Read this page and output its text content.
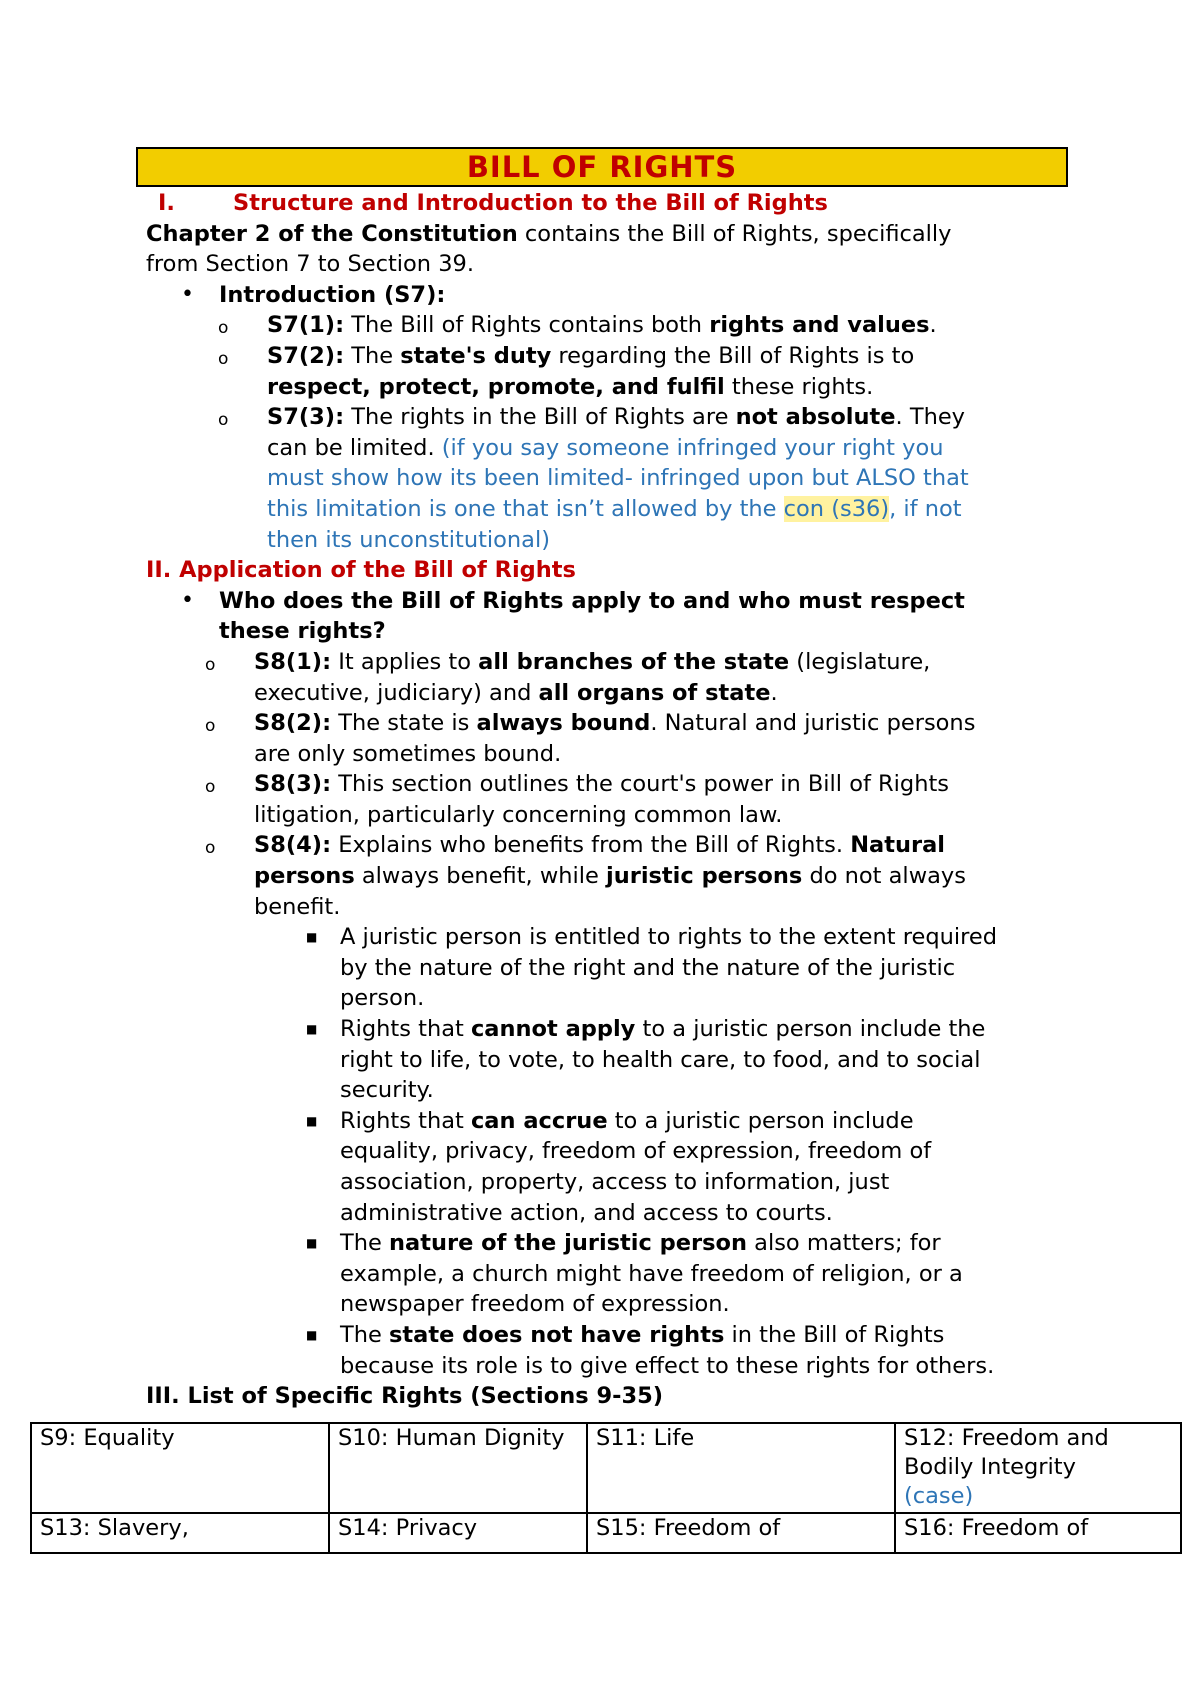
BILL OF RIGHTS
I.	Structure and Introduction to the Bill of Rights
Chapter 2 of the Constitution contains the Bill of Rights, specifically
from Section 7 to Section 39.
• Introduction (S7):
o S7(1): The Bill of Rights contains both rights and values.
o S7(2): The state's duty regarding the Bill of Rights is to
respect, protect, promote, and fulfil these rights.
o S7(3): The rights in the Bill of Rights are not absolute. They
can be limited. (if you say someone infringed your right you
must show how its been limited- infringed upon but ALSO that
this limitation is one that isn’t allowed by the con (s36), if not
then its unconstitutional)
II. Application of the Bill of Rights
• Who does the Bill of Rights apply to and who must respect
these rights?
o S8(1): It applies to all branches of the state (legislature,
executive, judiciary) and all organs of state.
o S8(2): The state is always bound. Natural and juristic persons
are only sometimes bound.
o S8(3): This section outlines the court's power in Bill of Rights
litigation, particularly concerning common law.
o S8(4): Explains who benefits from the Bill of Rights. Natural
persons always benefit, while juristic persons do not always
benefit.
■ A juristic person is entitled to rights to the extent required
by the nature of the right and the nature of the juristic
person.
■ Rights that cannot apply to a juristic person include the
right to life, to vote, to health care, to food, and to social
security.
■ Rights that can accrue to a juristic person include
equality, privacy, freedom of expression, freedom of
association, property, access to information, just
administrative action, and access to courts.
■ The nature of the juristic person also matters; for
example, a church might have freedom of religion, or a
newspaper freedom of expression.
■ The state does not have rights in the Bill of Rights
because its role is to give effect to these rights for others.
III. List of Specific Rights (Sections 9-35)
S9: Equality	S10: Human Dignity	S11: Life	S12: Freedom and
Bodily Integrity
(case)

S13: Slavery,	S14: Privacy	S15: Freedom of	S16: Freedom of
